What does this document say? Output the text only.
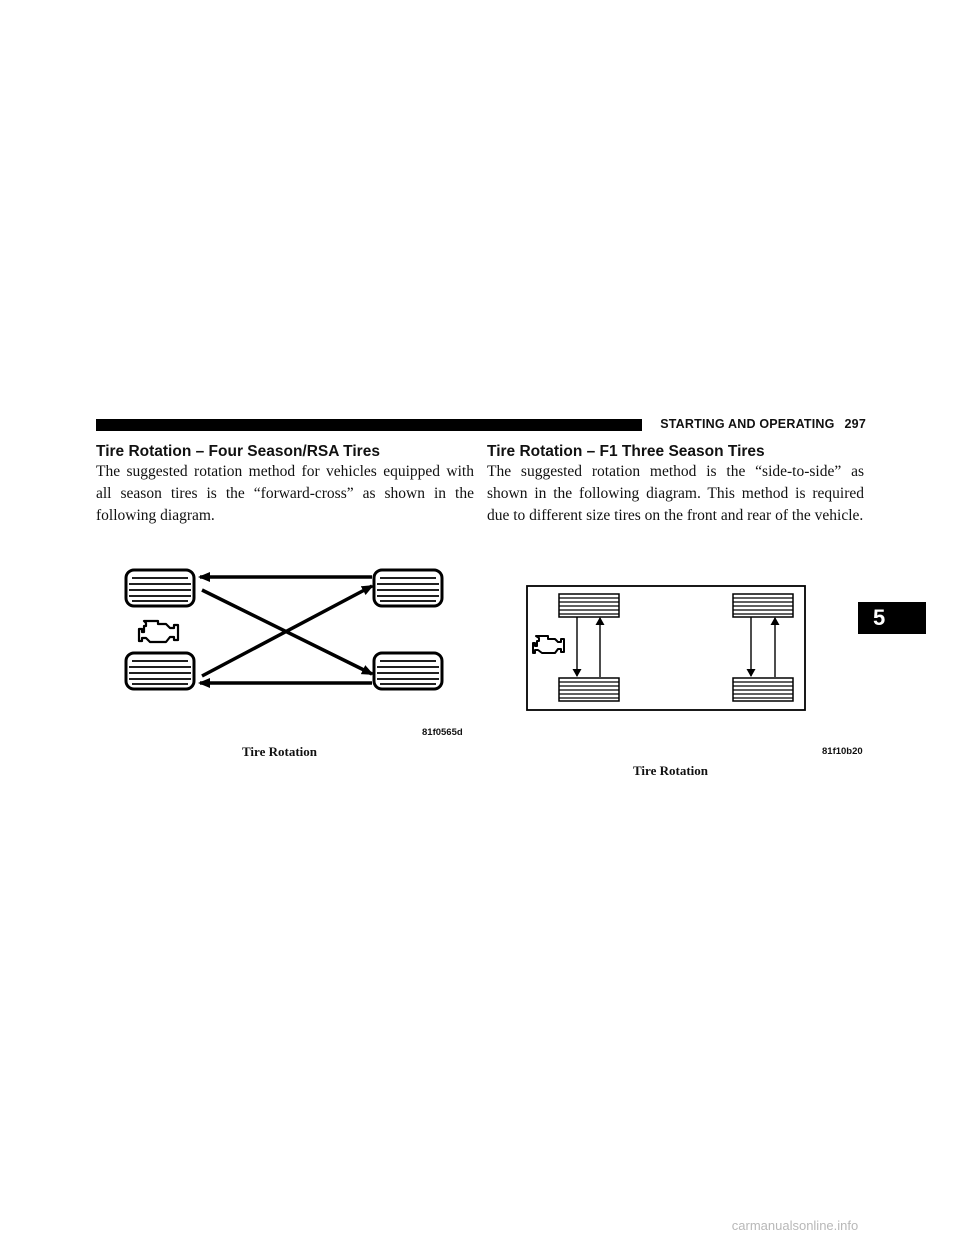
STARTING AND OPERATING 297
Tire Rotation – Four Season/RSA Tires

The suggested rotation method for vehicles equipped with all season tires is the “forward-cross” as shown in the following diagram.

81f0565d
Tire Rotation
Tire Rotation – F1 Three Season Tires

The suggested rotation method is the “side-to-side” as shown in the following diagram. This method is required due to different size tires on the front and rear of the vehicle.

81f10b20
Tire Rotation
5
carmanualsonline.info
